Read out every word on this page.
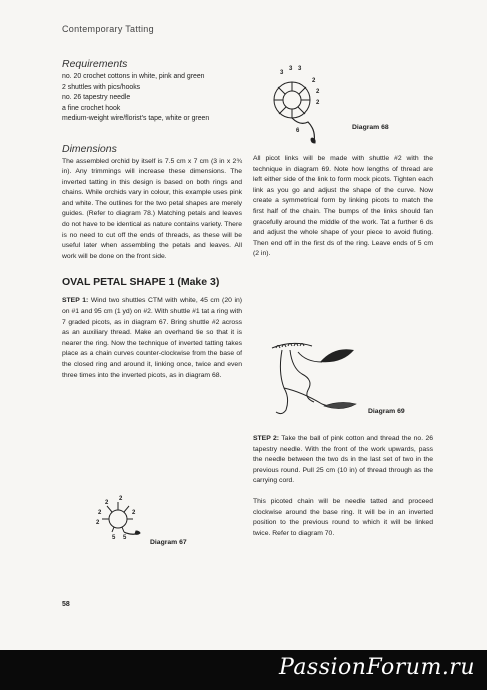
Contemporary Tatting
Requirements
no. 20 crochet cottons in white, pink and green
2 shuttles with pics/hooks
no. 26 tapestry needle
a fine crochet hook
medium-weight wire/florist's tape, white or green
Dimensions

The assembled orchid by itself is 7.5 cm x 7 cm (3 in x 2¾ in). Any trimmings will increase these dimensions. The inverted tatting in this design is based on both rings and chains. While orchids vary in colour, this example uses pink and white. The outlines for the two petal shapes are merely guides. (Refer to diagram 78.) Matching petals and leaves do not have to be identical as nature contains variety. There is no need to cut off the ends of threads, as these will be useful later when assembling the petals and leaves. All work will be done on the front side.

OVAL PETAL SHAPE 1 (Make 3)

STEP 1: Wind two shuttles CTM with white, 45 cm (20 in) on #1 and 95 cm (1 yd) on #2. With shuttle #1 tat a ring with 7 graded picots, as in diagram 67. Bring shuttle #2 across as an auxiliary thread. Make an overhand tie so that it is nearer the ring. Now the technique of inverted tatting takes place as a chain curves counter-clockwise from the base of the closed ring and around it, linking once, twice and even three times into the inverted picots, as in diagram 68.

2
2
2
2
2
5 5
Diagram 67
3
3 3
2
2
2
6	Diagram 68

All picot links will be made with shuttle #2 with the technique in diagram 69. Note how lengths of thread are left either side of the link to form mock picots. Tighten each link as you go and adjust the shape of the curve. Now create a symmetrical form by linking picots to match the first half of the chain. The bumps of the links should fan gracefully around the middle of the work. Tat a further 6 ds and adjust the whole shape of your piece to avoid fluting. Then end off in the first ds of the ring. Leave ends of 5 cm (2 in).

Diagram 69

STEP 2: Take the ball of pink cotton and thread the no. 26 tapestry needle. With the front of the work upwards, pass the needle between the two ds in the last set of two in the previous round. Pull 25 cm (10 in) of thread through as the carrying cord.

This picoted chain will be needle tatted and proceed clockwise around the base ring. It will be in an inverted position to the previous round to which it will be linked twice. Refer to diagram 70.

58
PassionForum.ru
